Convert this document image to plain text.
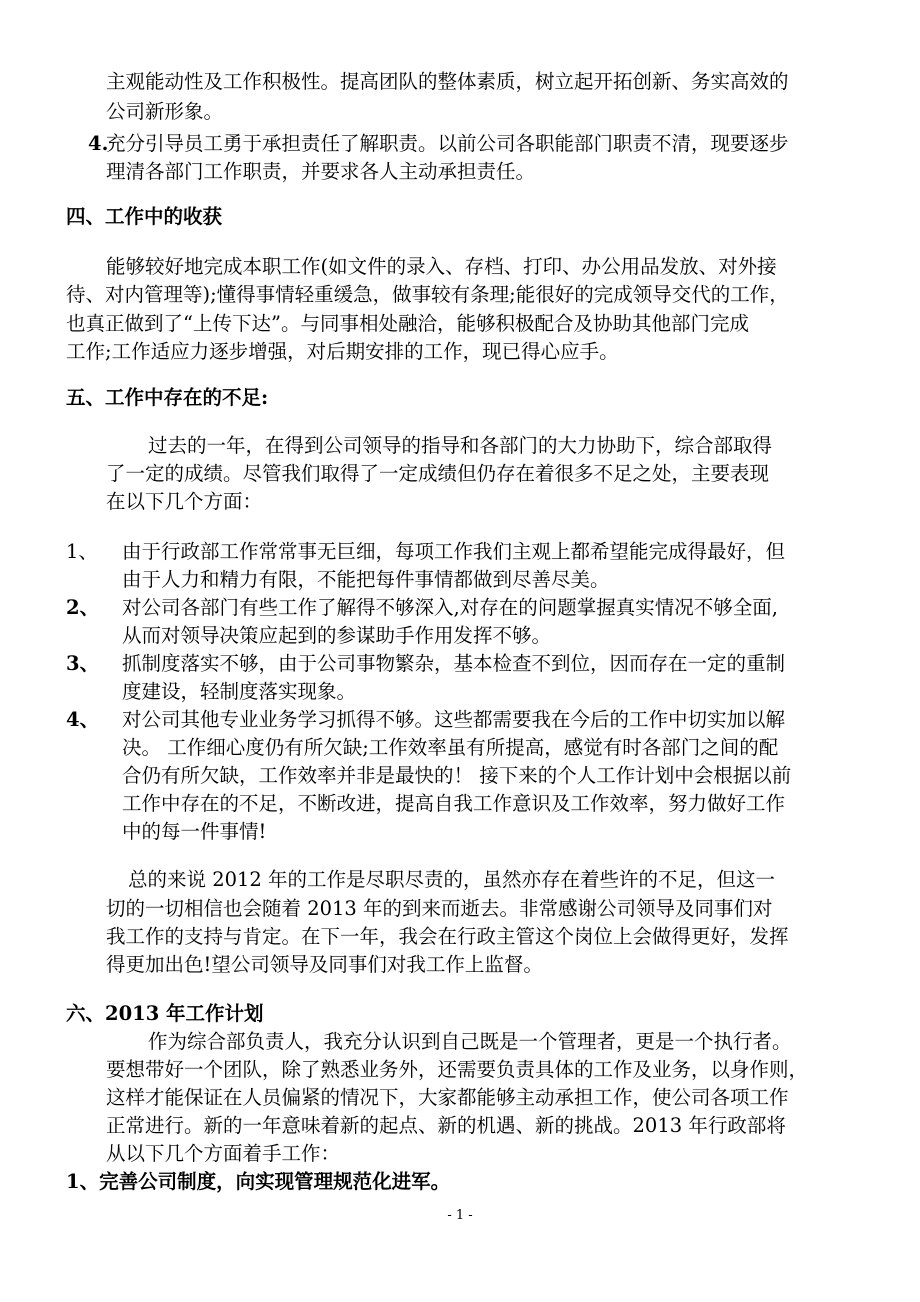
主观能动性及工作积极性。提高团队的整体素质，树立起开拓创新、务实高效的
公司新形象。
4.
充分引导员工勇于承担责任了解职责。以前公司各职能部门职责不清，现要逐步
理清各部门工作职责，并要求各人主动承担责任。
四、工作中的收获
能够较好地完成本职工作(如文件的录入、存档、打印、办公用品发放、对外接
待、对内管理等);懂得事情轻重缓急，做事较有条理;能很好的完成领导交代的工作，
也真正做到了“上传下达”。与同事相处融洽，能够积极配合及协助其他部门完成
工作;工作适应力逐步增强，对后期安排的工作，现已得心应手。
五、工作中存在的不足:
过去的一年，在得到公司领导的指导和各部门的大力协助下，综合部取得
了一定的成绩。尽管我们取得了一定成绩但仍存在着很多不足之处，主要表现
在以下几个方面：
1、 由于行政部工作常常事无巨细，每项工作我们主观上都希望能完成得最好，但
由于人力和精力有限，不能把每件事情都做到尽善尽美。
2、 对公司各部门有些工作了解得不够深入,对存在的问题掌握真实情况不够全面,
从而对领导决策应起到的参谋助手作用发挥不够。
3、 抓制度落实不够，由于公司事物繁杂，基本检查不到位，因而存在一定的重制
度建设，轻制度落实现象。
4、 对公司其他专业业务学习抓得不够。这些都需要我在今后的工作中切实加以解
决。 工作细心度仍有所欠缺;工作效率虽有所提高，感觉有时各部门之间的配
合仍有所欠缺，工作效率并非是最快的！ 接下来的个人工作计划中会根据以前
工作中存在的不足，不断改进，提高自我工作意识及工作效率，努力做好工作
中的每一件事情!
总的来说 2012 年的工作是尽职尽责的，虽然亦存在着些许的不足，但这一
切的一切相信也会随着 2013 年的到来而逝去。非常感谢公司领导及同事们对
我工作的支持与肯定。在下一年，我会在行政主管这个岗位上会做得更好，发挥
得更加出色!望公司领导及同事们对我工作上监督。
六、2013 年工作计划
作为综合部负责人，我充分认识到自己既是一个管理者，更是一个执行者。
要想带好一个团队，除了熟悉业务外，还需要负责具体的工作及业务，以身作则，
这样才能保证在人员偏紧的情况下，大家都能够主动承担工作，使公司各项工作
正常进行。新的一年意味着新的起点、新的机遇、新的挑战。2013 年行政部将
从以下几个方面着手工作：
1、完善公司制度，向实现管理规范化进军。
- 1 -
